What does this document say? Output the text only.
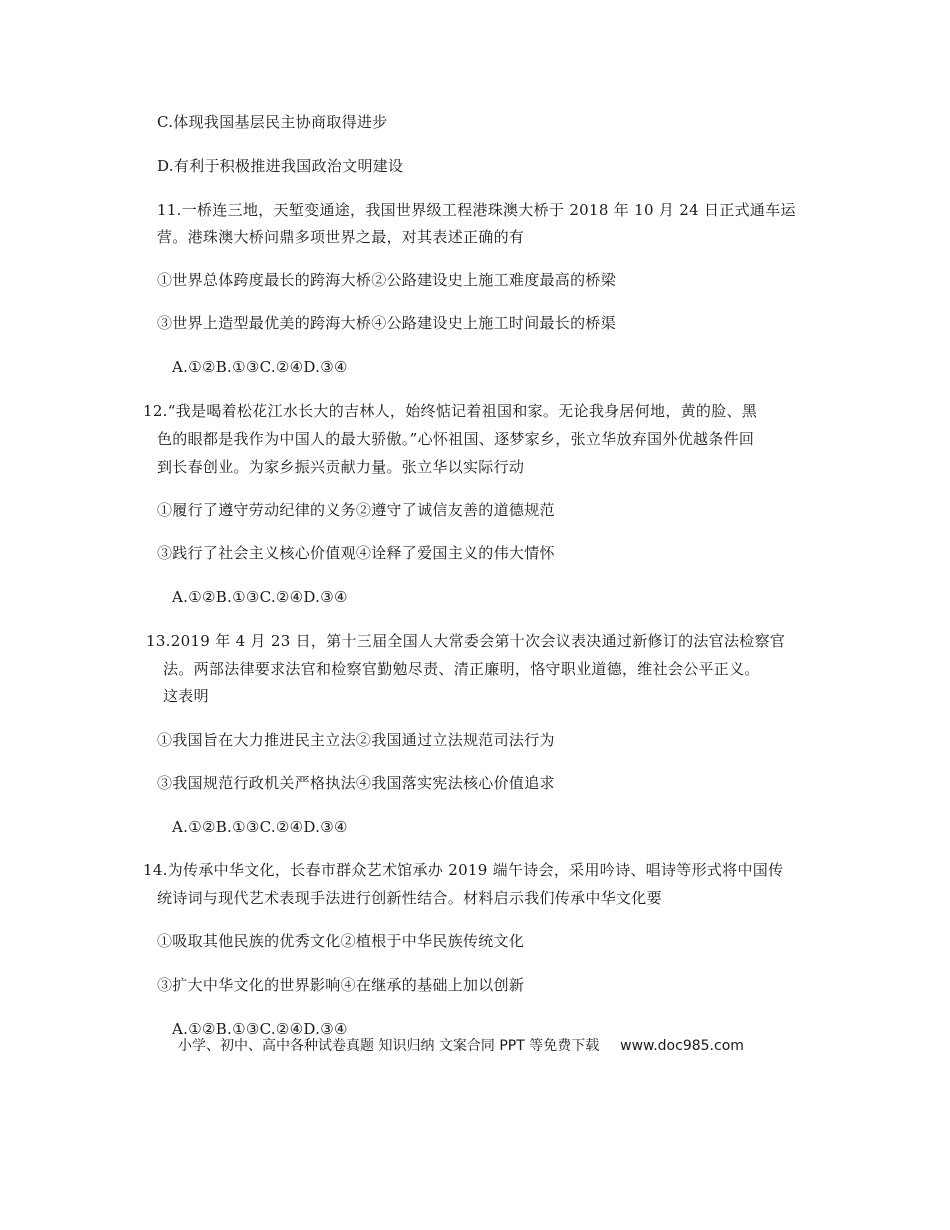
C.体现我国基层民主协商取得进步
D.有利于积极推进我国政治文明建设
11.一桥连三地，天堑变通途，我国世界级工程港珠澳大桥于 2018 年 10 月 24 日正式通车运
营。港珠澳大桥问鼎多项世界之最，对其表述正确的有
①世界总体跨度最长的跨海大桥②公路建设史上施工难度最高的桥梁
③世界上造型最优美的跨海大桥④公路建设史上施工时间最长的桥渠
A.①②B.①③C.②④D.③④
12.“我是喝着松花江水长大的吉林人，始终惦记着祖国和家。无论我身居何地，黄的脸、黑
色的眼都是我作为中国人的最大骄傲。”心怀祖国、逐梦家乡，张立华放弃国外优越条件回
到长春创业。为家乡振兴贡献力量。张立华以实际行动
①履行了遵守劳动纪律的义务②遵守了诚信友善的道德规范
③践行了社会主义核心价值观④诠释了爱国主义的伟大情怀
A.①②B.①③C.②④D.③④
13.2019 年 4 月 23 日，第十三届全国人大常委会第十次会议表决通过新修订的法官法检察官
法。两部法律要求法官和检察官勤勉尽责、清正廉明，恪守职业道德，维社会公平正义。
这表明
①我国旨在大力推进民主立法②我国通过立法规范司法行为
③我国规范行政机关严格执法④我国落实宪法核心价值追求
A.①②B.①③C.②④D.③④
14.为传承中华文化，长春市群众艺术馆承办 2019 端午诗会，采用吟诗、唱诗等形式将中国传
统诗词与现代艺术表现手法进行创新性结合。材料启示我们传承中华文化要
①吸取其他民族的优秀文化②植根于中华民族传统文化
③扩大中华文化的世界影响④在继承的基础上加以创新
A.①②B.①③C.②④D.③④
小学、初中、高中各种试卷真题 知识归纳 文案合同 PPT 等免费下载 www.doc985.com
